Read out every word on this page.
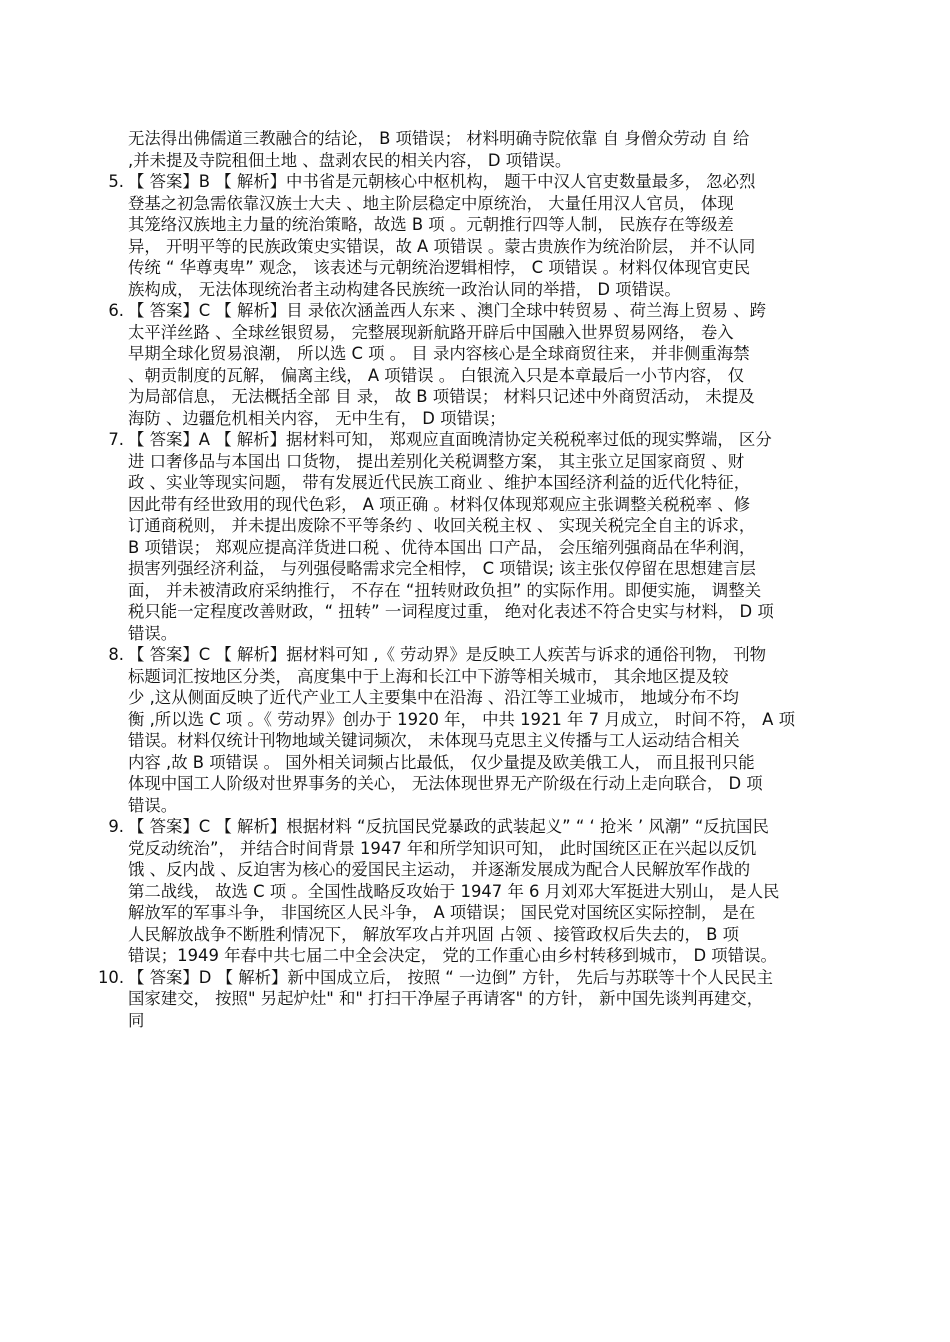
无法得出佛儒道三教融合的结论， B 项错误； 材料明确寺院依靠 自 身僧众劳动 自 给
,并未提及寺院租佃土地 、盘剥农民的相关内容， D 项错误。
5. 【 答案】B 【 解析】中书省是元朝核心中枢机构， 题干中汉人官吏数量最多， 忽必烈
登基之初急需依靠汉族士大夫 、地主阶层稳定中原统治， 大量任用汉人官员， 体现
其笼络汉族地主力量的统治策略，故选 B 项 。元朝推行四等人制， 民族存在等级差
异， 开明平等的民族政策史实错误，故 A 项错误 。蒙古贵族作为统治阶层， 并不认同
传统 “ 华尊夷卑” 观念， 该表述与元朝统治逻辑相悖， C 项错误 。材料仅体现官吏民
族构成， 无法体现统治者主动构建各民族统一政治认同的举措， D 项错误。
6. 【 答案】C 【 解析】目 录依次涵盖西人东来 、澳门全球中转贸易 、荷兰海上贸易 、跨
太平洋丝路 、全球丝银贸易， 完整展现新航路开辟后中国融入世界贸易网络， 卷入
早期全球化贸易浪潮， 所以选 C 项 。 目 录内容核心是全球商贸往来， 并非侧重海禁
、朝贡制度的瓦解， 偏离主线， A 项错误 。 白银流入只是本章最后一小节内容， 仅
为局部信息， 无法概括全部 目 录， 故 B 项错误； 材料只记述中外商贸活动， 未提及
海防 、边疆危机相关内容， 无中生有， D 项错误；
7. 【 答案】A 【 解析】据材料可知， 郑观应直面晚清协定关税税率过低的现实弊端， 区分
进 口奢侈品与本国出 口货物， 提出差别化关税调整方案， 其主张立足国家商贸 、财
政 、实业等现实问题， 带有发展近代民族工商业 、维护本国经济利益的近代化特征，
因此带有经世致用的现代色彩， A 项正确 。材料仅体现郑观应主张调整关税税率 、修
订通商税则， 并未提出废除不平等条约 、收回关税主权 、 实现关税完全自主的诉求，
B 项错误； 郑观应提高洋货进口税 、优待本国出 口产品， 会压缩列强商品在华利润，
损害列强经济利益， 与列强侵略需求完全相悖， C 项错误; 该主张仅停留在思想建言层
面， 并未被清政府采纳推行， 不存在 “扭转财政负担” 的实际作用。即便实施， 调整关
税只能一定程度改善财政，“ 扭转” 一词程度过重， 绝对化表述不符合史实与材料， D 项
错误。
8. 【 答案】C 【 解析】据材料可知 ,《 劳动界》是反映工人疾苦与诉求的通俗刊物， 刊物
标题词汇按地区分类， 高度集中于上海和长江中下游等相关城市， 其余地区提及较
少 ,这从侧面反映了近代产业工人主要集中在沿海 、沿江等工业城市， 地域分布不均
衡 ,所以选 C 项 。《 劳动界》创办于 1920 年， 中共 1921 年 7 月成立， 时间不符， A 项
错误。材料仅统计刊物地域关键词频次， 未体现马克思主义传播与工人运动结合相关
内容 ,故 B 项错误 。 国外相关词频占比最低， 仅少量提及欧美俄工人， 而且报刊只能
体现中国工人阶级对世界事务的关心， 无法体现世界无产阶级在行动上走向联合， D 项
错误。
9. 【 答案】C 【 解析】根据材料 “反抗国民党暴政的武装起义” “ ‘ 抢米 ’ 风潮” “反抗国民
党反动统治”， 并结合时间背景 1947 年和所学知识可知， 此时国统区正在兴起以反饥
饿 、反内战 、反迫害为核心的爱国民主运动， 并逐渐发展成为配合人民解放军作战的
第二战线， 故选 C 项 。全国性战略反攻始于 1947 年 6 月刘邓大军挺进大别山， 是人民
解放军的军事斗争， 非国统区人民斗争， A 项错误； 国民党对国统区实际控制， 是在
人民解放战争不断胜利情况下， 解放军攻占并巩固 占领 、接管政权后失去的， B 项
错误；1949 年春中共七届二中全会决定， 党的工作重心由乡村转移到城市， D 项错误。
10. 【 答案】D 【 解析】新中国成立后， 按照 “ 一边倒” 方针， 先后与苏联等十个人民民主
国家建交， 按照" 另起炉灶" 和" 打扫干净屋子再请客" 的方针， 新中国先谈判再建交，
同
